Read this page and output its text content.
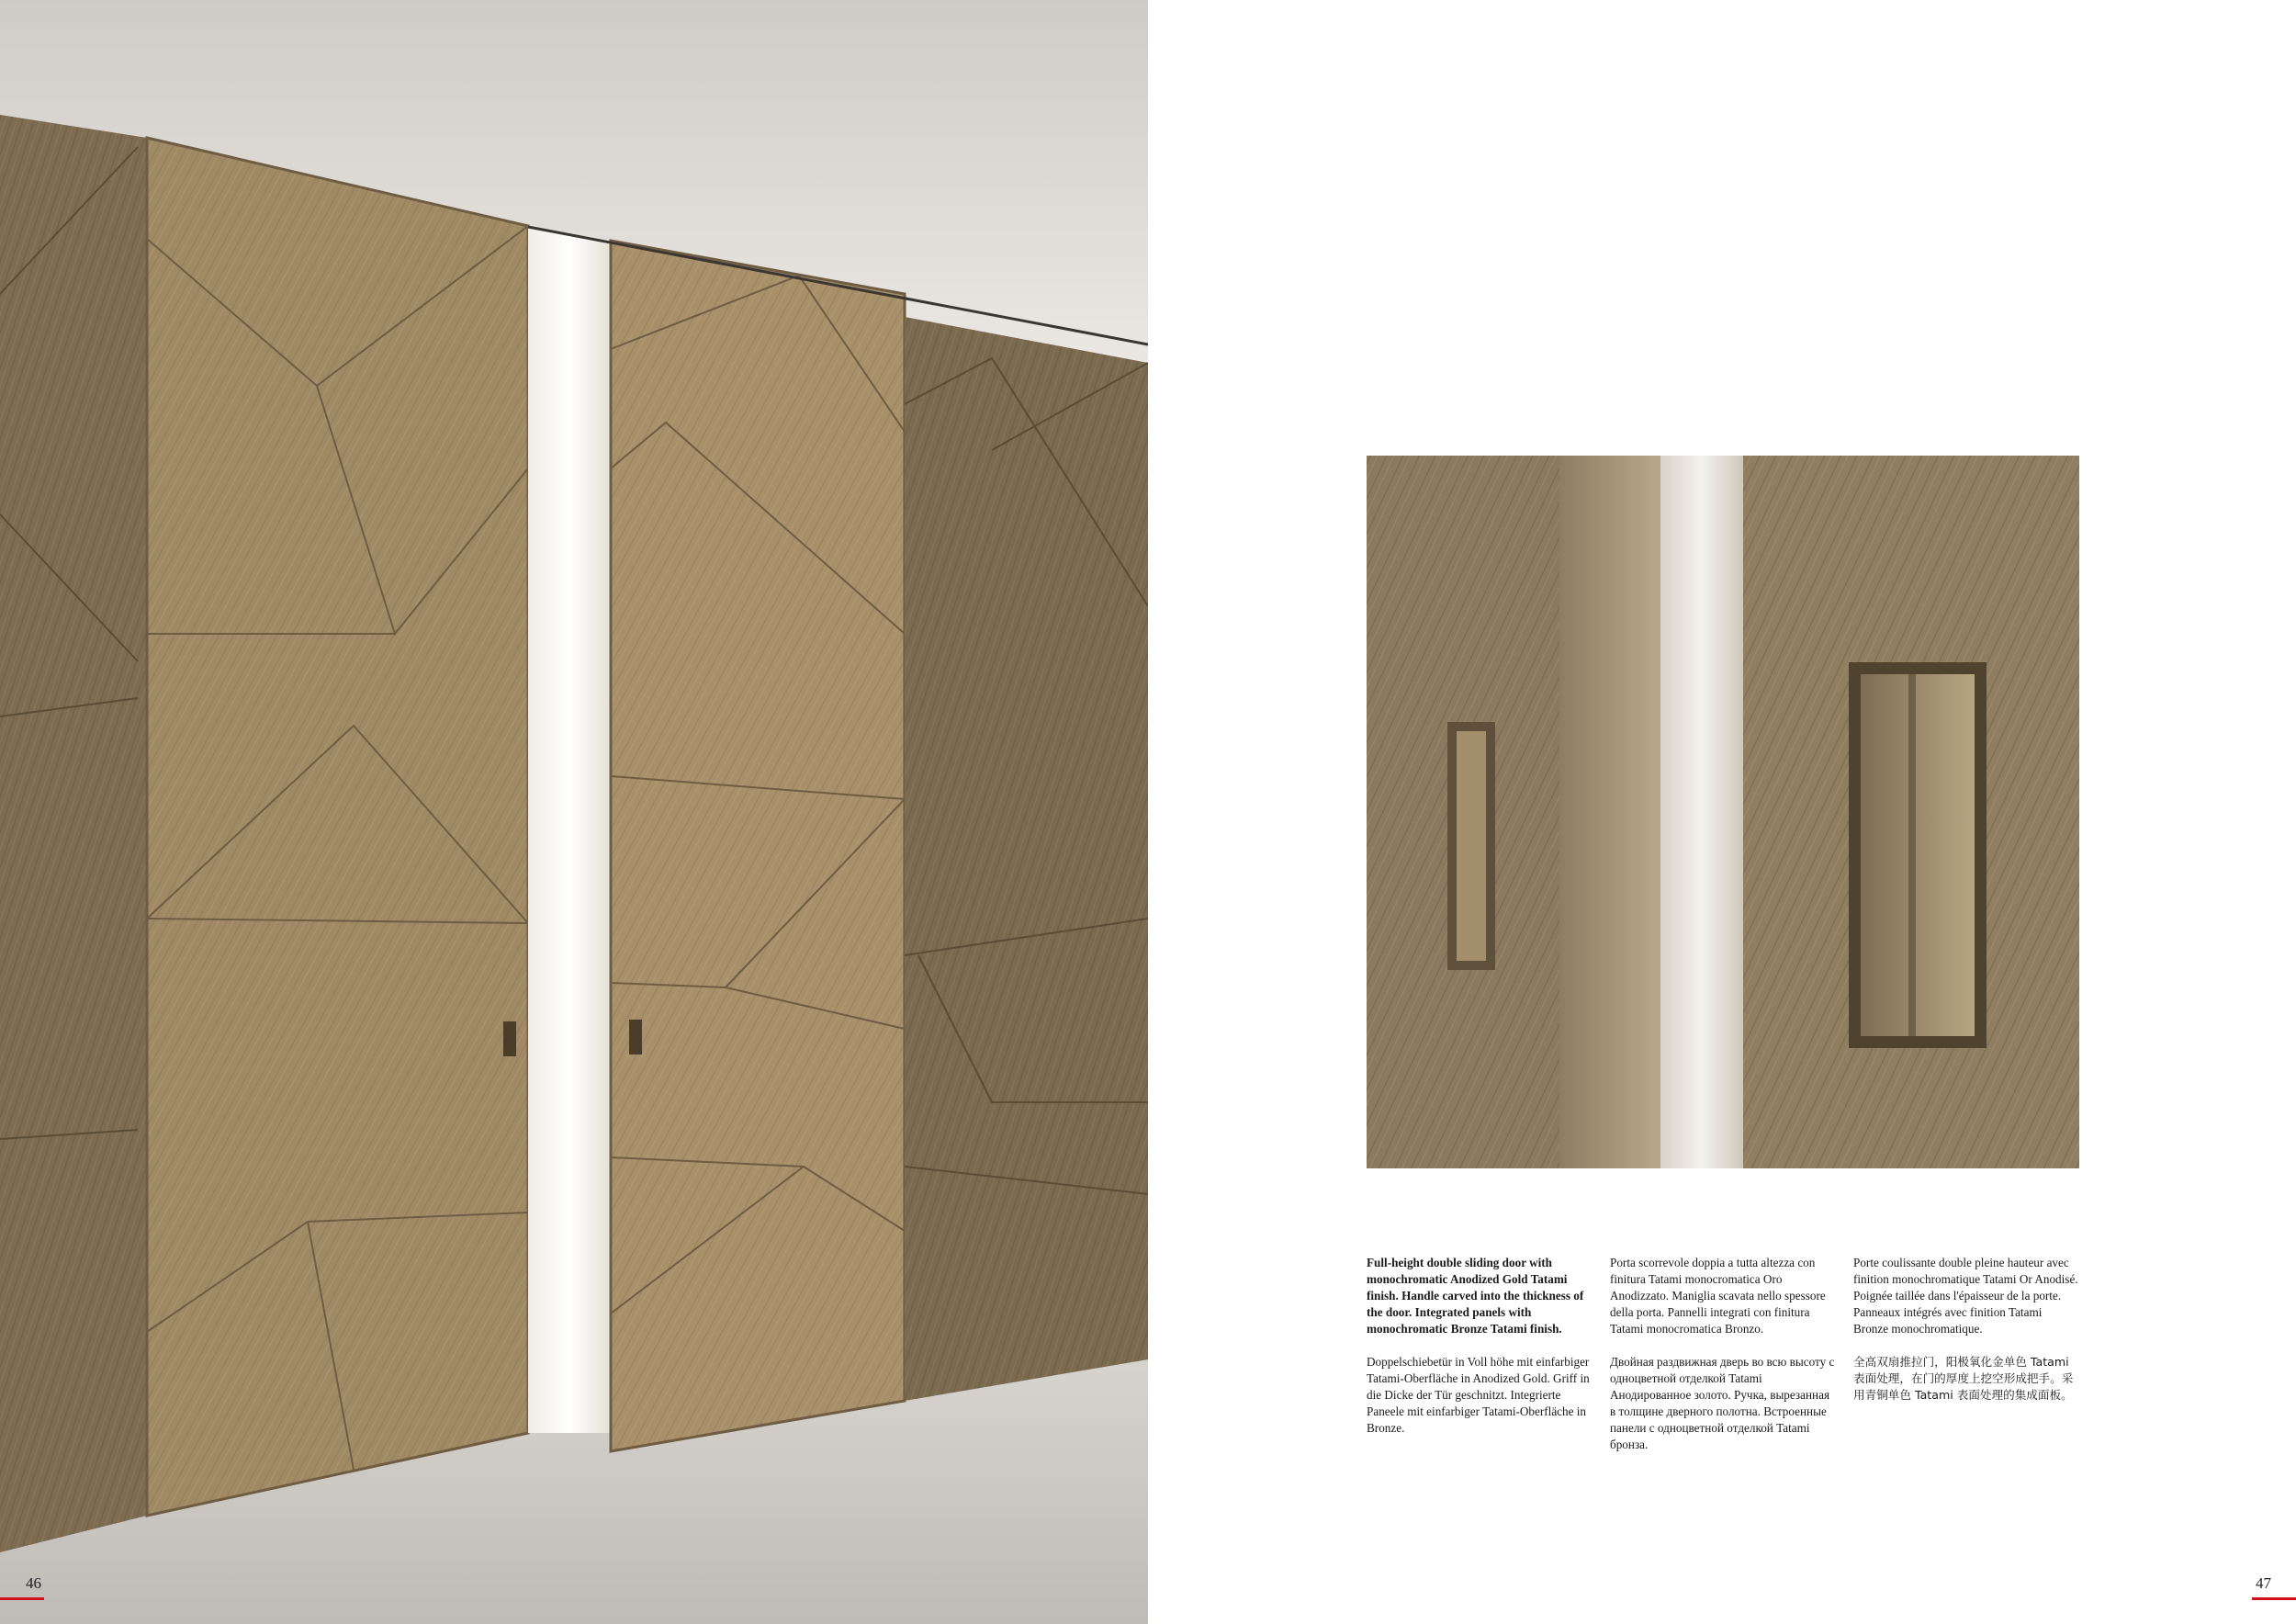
46

Full-height double sliding door with monochromatic Anodized Gold Tatami finish. Handle carved into the thickness of the door. Integrated panels with monochromatic Bronze Tatami finish.

Doppelschiebetür in Voll höhe mit einfarbiger Tatami-Oberfläche in Anodized Gold. Griff in die Dicke der Tür geschnitzt. Integrierte Paneele mit einfarbiger Tatami-Oberfläche in Bronze.

Porta scorrevole doppia a tutta altezza con finitura Tatami monocromatica Oro Anodizzato. Maniglia scavata nello spessore della porta. Pannelli integrati con finitura Tatami monocromatica Bronzo.

Двойная раздвижная дверь во всю высоту с одноцветной отделкой Tatami Анодированное золото. Ручка, вырезанная в толщине дверного полотна. Встроенные панели с одноцветной отделкой Tatami бронза.

Porte coulissante double pleine hauteur avec finition monochromatique Tatami Or Anodisé. Poignée taillée dans l'épaisseur de la porte. Panneaux intégrés avec finition Tatami Bronze monochromatique.

全高双扇推拉门，阳极氧化金单色 Tatami 表面处理，在门的厚度上挖空形成把手。采用青铜单色 Tatami 表面处理的集成面板。

47
